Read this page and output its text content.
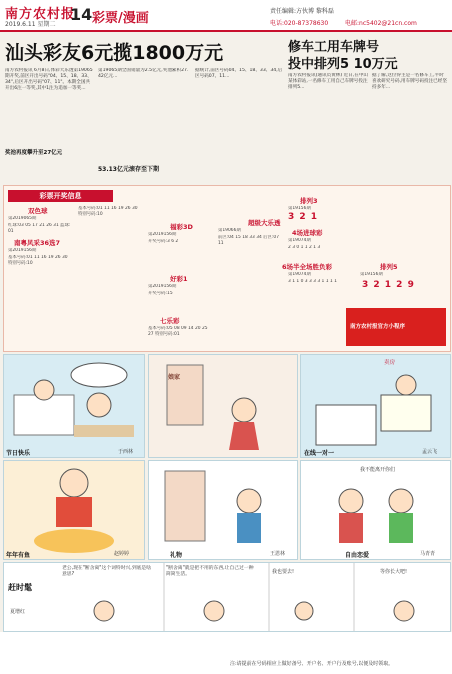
南方农村报
2019.6.11 星期二
14 彩票/漫画	责任编辑:方伙博 黎科磊
电话:020-87378630	电邮:nc5402@21cn.com
汕头彩友6元揽1800万元
南方农村报讯 6月8日,体彩大乐透第19065期开奖,前区开出号码"04、15、18、33、34",后区开出号码"07、11"。本期全国共开出6注一等奖,其中1注为追加一等奖...
奖池再度攀升至27亿元
第19065期全国销量为2.5亿元,奖池累积27.42亿元...
据统计,前区号码04、15、18、33、34,后区号码07、11...
53.13亿元滚存至下期
修车工用车牌号
投中排列5 10万元
南方农村报讯(通讯员黄林) 近日,在中山某体彩站,一名修车工用自己车牌号投注排列5...
据了解,这位得主是一名修车工,平时喜欢研究号码,用车牌号码投注已经坚持多年...
彩票开奖信息
双色球
第2019065期
红球:03 05 17 21 26 31 蓝球:01
南粤风采36选7
第2019156期
基本号码:01 11 16 19 26 30 特别号码:10
基本号码:01 11 16 19 26 30 特别号码:10
福彩3D
第2019156期
开奖号码:3 6 2
好彩1
第2019156期
开奖号码:15
七乐彩
基本号码:05 08 09 14 20 25 27 特别号码:01
超级大乐透
第19066期
前区:04 15 18 33 34 后区:07 11
排列3
第19156期
3 2 1
4场进球彩
第19074期
2 3 0 1 1 2 1 3
6场半全场胜负彩
第19074期
3 1 1 0 3 3 3 3 1 1 1 1
排列5
第19156期
3 2 1 2 9
南方农村报官方小程序
节日快乐	于西林
娘家
卖房
在线一对一	孟云飞
年年有鱼	赵婷婷	礼物	王恩林
我不能离开你们
自由恋爱	马青青
赶时髦
夏增红
老公,现在"断舍离"这个词特时兴,到底是啥意思?
"断舍离"就是把不用的东西,让自己过一种简简生活。	我也要去!	等你长大吧!
注:请提前在号码相应上做好备号、开户名、开户行及账号,以便及时领取。
